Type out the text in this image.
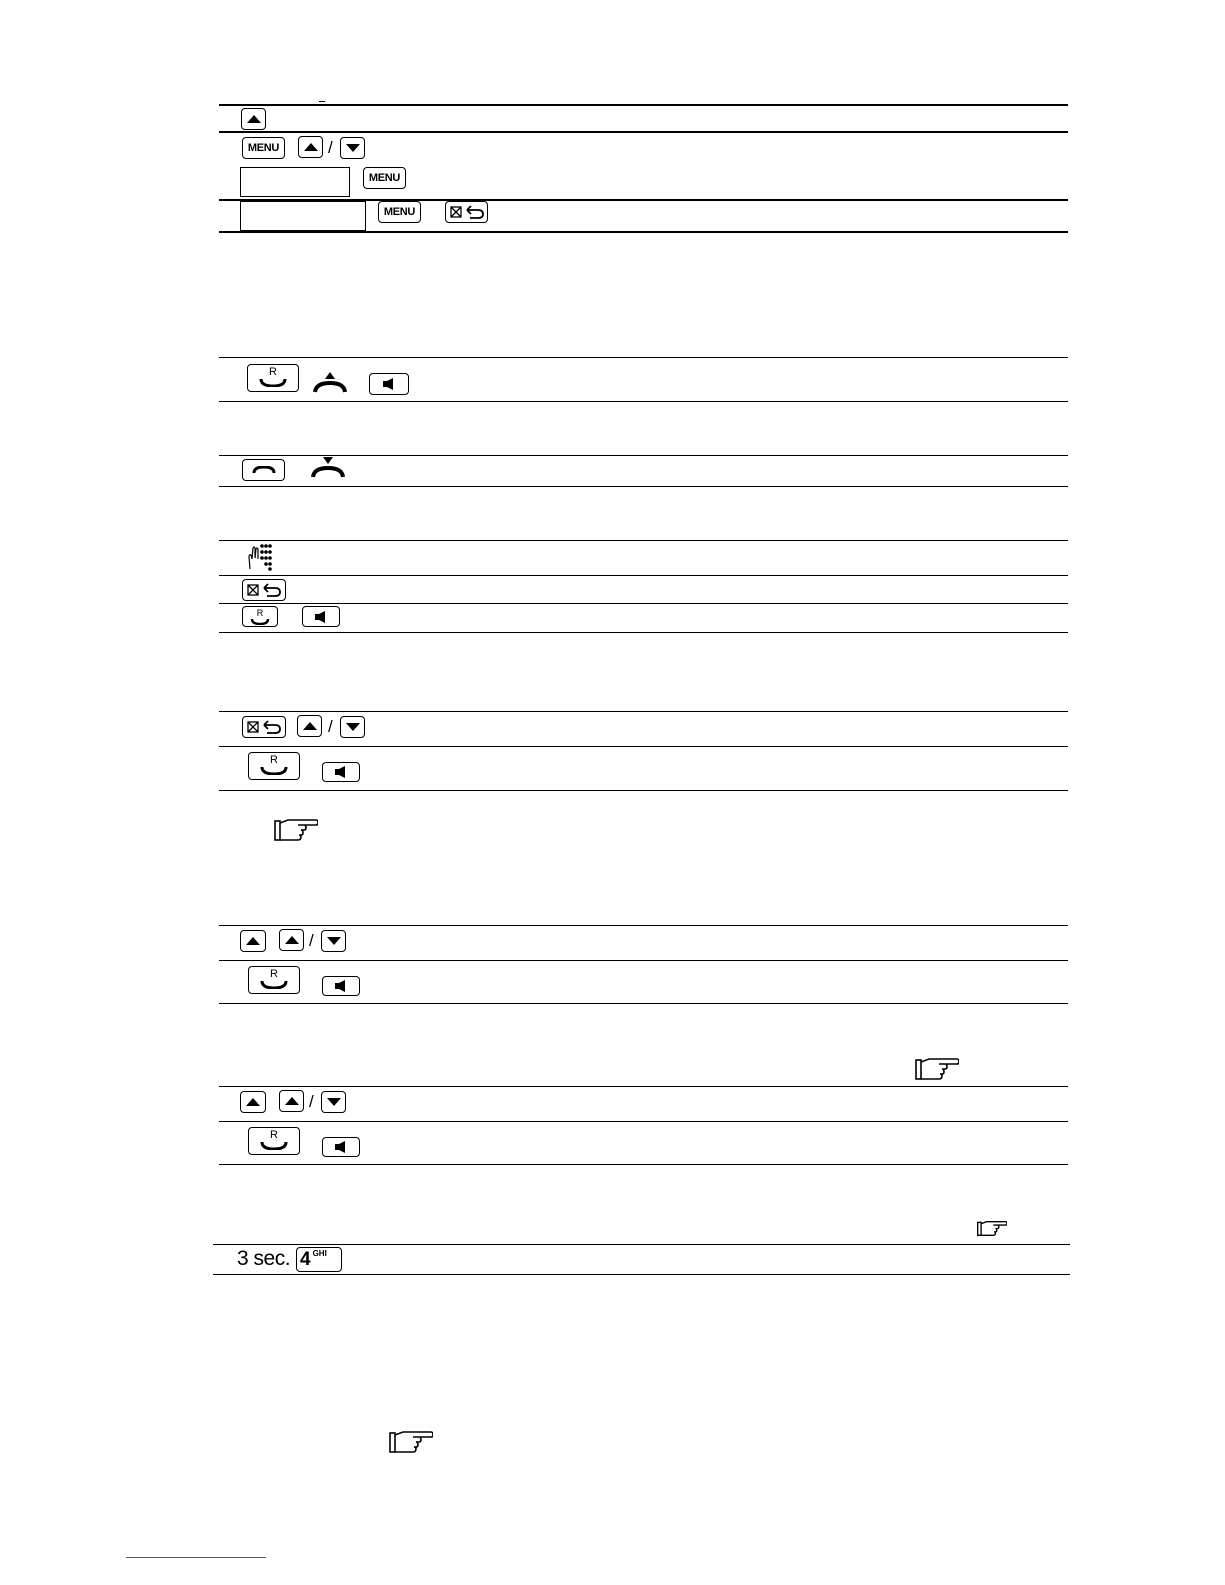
MENU	/
MENU
MENU
R
R
/
R
/
R
/
R
3 sec. 4 GHI
